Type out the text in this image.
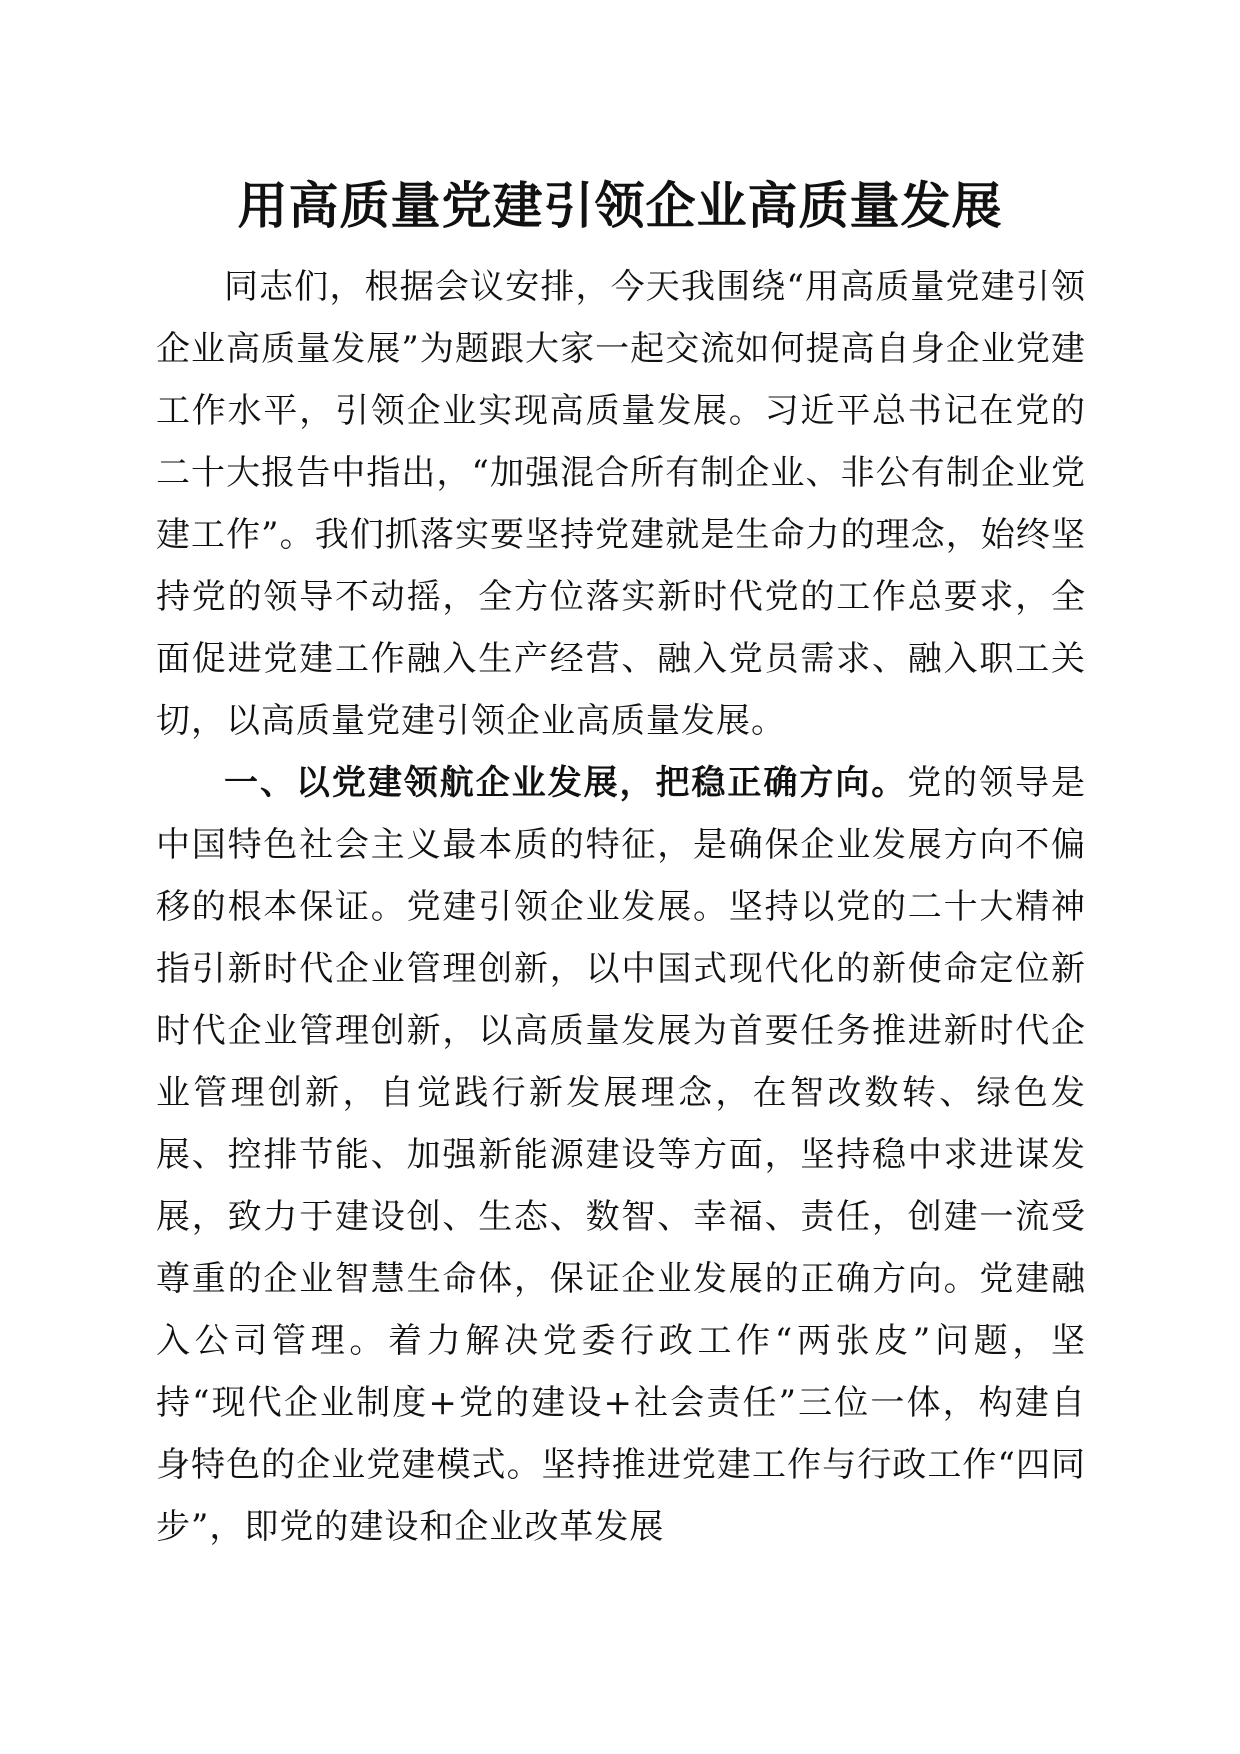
用高质量党建引领企业高质量发展

同志们，根据会议安排，今天我围绕“用高质量党建引领企业高质量发展”为题跟大家一起交流如何提高自身企业党建工作水平，引领企业实现高质量发展。习近平总书记在党的二十大报告中指出，“加强混合所有制企业、非公有制企业党建工作”。我们抓落实要坚持党建就是生命力的理念，始终坚持党的领导不动摇，全方位落实新时代党的工作总要求，全面促进党建工作融入生产经营、融入党员需求、融入职工关切，以高质量党建引领企业高质量发展。

一、以党建领航企业发展，把稳正确方向。党的领导是中国特色社会主义最本质的特征，是确保企业发展方向不偏移的根本保证。党建引领企业发展。坚持以党的二十大精神指引新时代企业管理创新，以中国式现代化的新使命定位新时代企业管理创新，以高质量发展为首要任务推进新时代企业管理创新，自觉践行新发展理念，在智改数转、绿色发展、控排节能、加强新能源建设等方面，坚持稳中求进谋发展，致力于建设创、生态、数智、幸福、责任，创建一流受尊重的企业智慧生命体，保证企业发展的正确方向。党建融入公司管理。着力解决党委行政工作“两张皮”问题，坚持“现代企业制度+党的建设+社会责任”三位一体，构建自身特色的企业党建模式。坚持推进党建工作与行政工作“四同步”，即党的建设和企业改革发展
